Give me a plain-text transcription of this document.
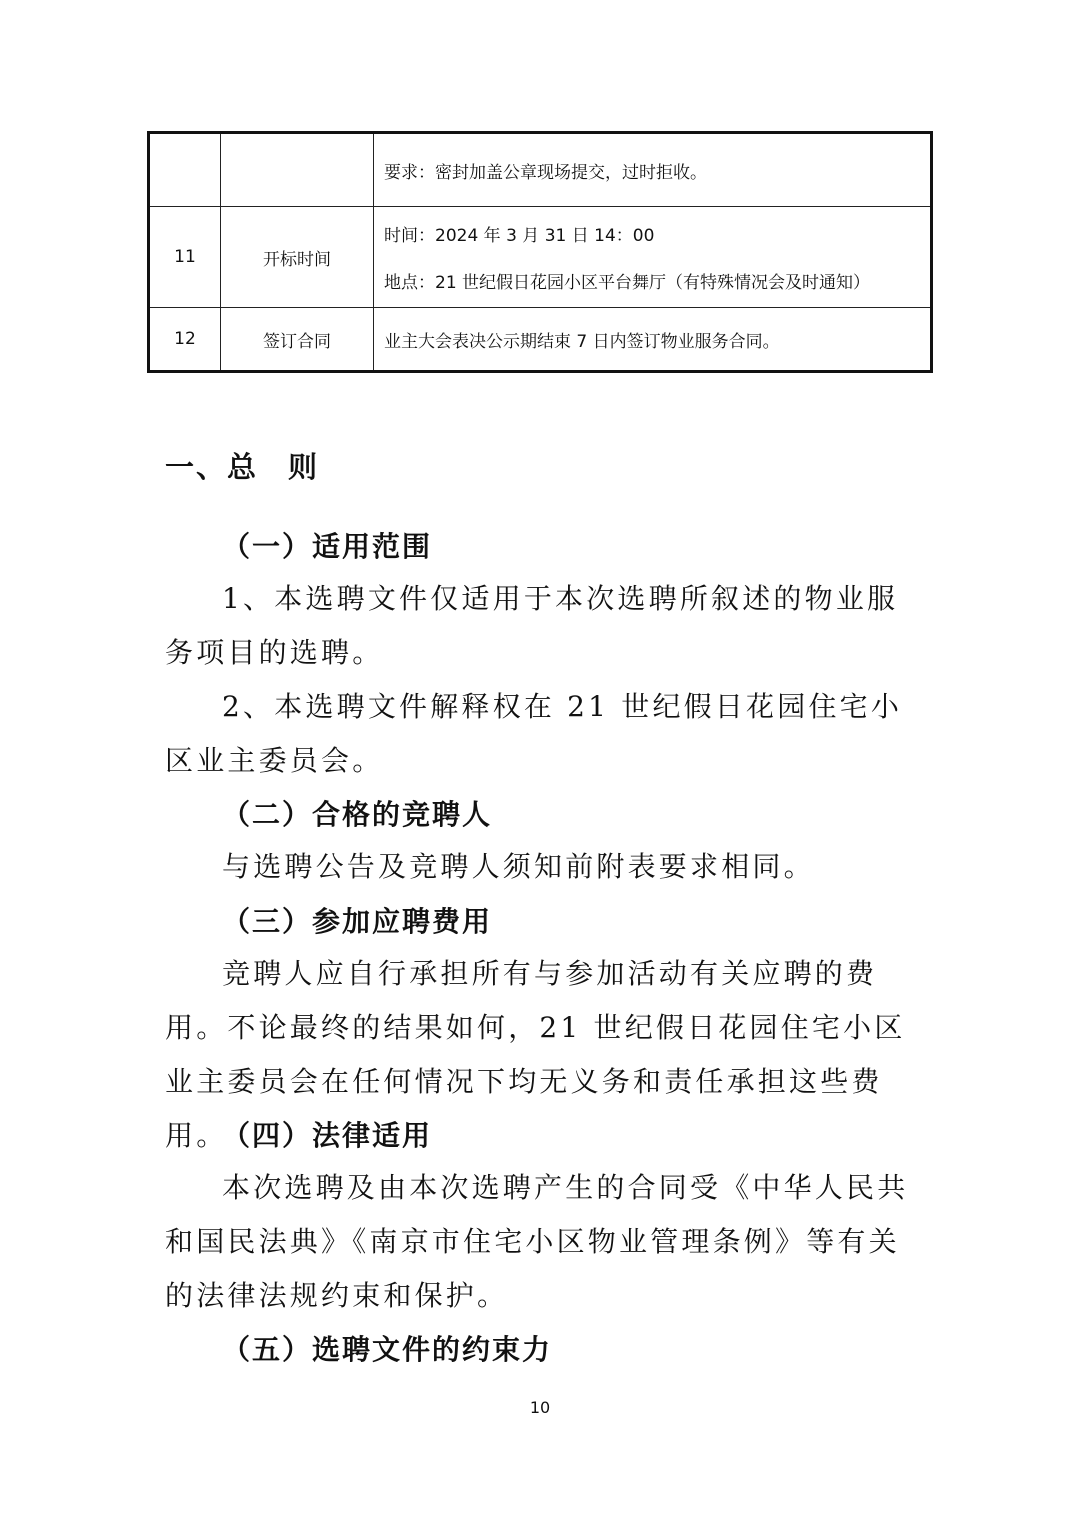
		要求：密封加盖公章现场提交，过时拒收。

11	开标时间	时间：2024 年 3 月 31 日 14：00
地点：21 世纪假日花园小区平台舞厅（有特殊情况会及时通知）

12	签订合同	业主大会表决公示期结束 7 日内签订物业服务合同。
一、总 则
（一）适用范围

1、本选聘文件仅适用于本次选聘所叙述的物业服务项目的选聘。

2、本选聘文件解释权在 21 世纪假日花园住宅小区业主委员会。

（二）合格的竞聘人

与选聘公告及竞聘人须知前附表要求相同。

（三）参加应聘费用

竞聘人应自行承担所有与参加活动有关应聘的费用。不论最终的结果如何，21 世纪假日花园住宅小区业主委员会在任何情况下均无义务和责任承担这些费用。

（四）法律适用

本次选聘及由本次选聘产生的合同受《中华人民共和国民法典》《南京市住宅小区物业管理条例》等有关的法律法规约束和保护。

（五）选聘文件的约束力

10
